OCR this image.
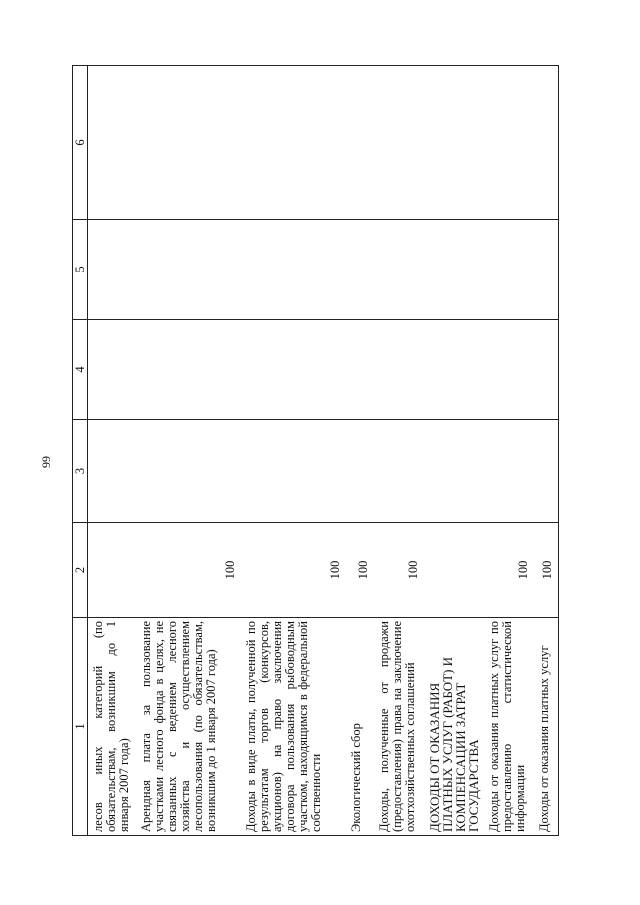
99
1	2	3	4	5	6
лесов иных категорий (по обязательствам, возникшим до 1 января 2007 года)					
Арендная плата за пользование участками лесного фонда в целях, не связанных с ведением лесного хозяйства и осуществлением лесопользования (по обязательствам, возникшим до 1 января 2007 года)	100				
Доходы в виде платы, полученной по результатам торгов (конкурсов, аукционов) на право заключения договора пользования рыбоводным участком, находящимся в федеральной собственности	100				
Экологический сбор	100				
Доходы, полученные от продажи (предоставления) права на заключение охотхозяйственных соглашений	100				
ДОХОДЫ ОТ ОКАЗАНИЯ ПЛАТНЫХ УСЛУГ (РАБОТ) И КОМПЕНСАЦИИ ЗАТРАТ ГОСУДАРСТВА					
Доходы от оказания платных услуг по предоставлению статистической информации	100				
Доходы от оказания платных услуг	100				
